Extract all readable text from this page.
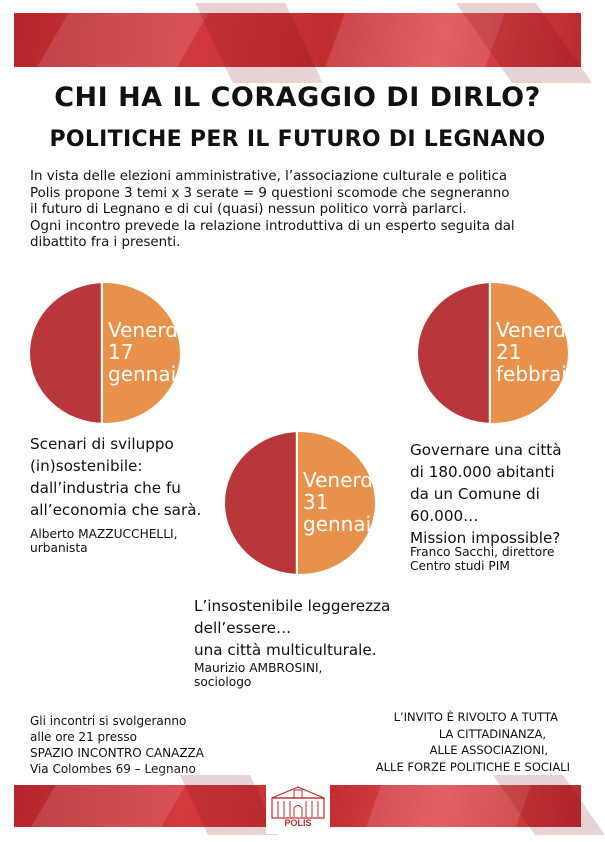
CHI HA IL CORAGGIO DI DIRLO?
POLITICHE PER IL FUTURO DI LEGNANO

In vista delle elezioni amministrative, l’associazione culturale e politica

Polis propone 3 temi x 3 serate = 9 questioni scomode che segneranno

il futuro di Legnano e di cui (quasi) nessun politico vorrà parlarci.

Ogni incontro prevede la relazione introduttiva di un esperto seguita dal

dibattito fra i presenti.

Venerdì
17
gennaio
Scenari di sviluppo
(in)sostenibile:
dall’industria che fu
all’economia che sarà.
Alberto MAZZUCCHELLI,
urbanista
Venerdì
31
gennaio
L’insostenibile leggerezza
dell’essere…
una città multiculturale.
Maurizio AMBROSINI,
sociologo
Venerdì
21
febbraio
Governare una città
di 180.000 abitanti
da un Comune di
60.000…
Mission impossible?
Franco Sacchi, direttore
Centro studi PIM
Gli incontri si svolgeranno
alle ore 21 presso
SPAZIO INCONTRO CANAZZA
Via Colombes 69 – Legnano
L’INVITO È RIVOLTO A TUTTA
LA CITTADINANZA,
ALLE ASSOCIAZIONI,
ALLE FORZE POLITICHE E SOCIALI
POLIS
